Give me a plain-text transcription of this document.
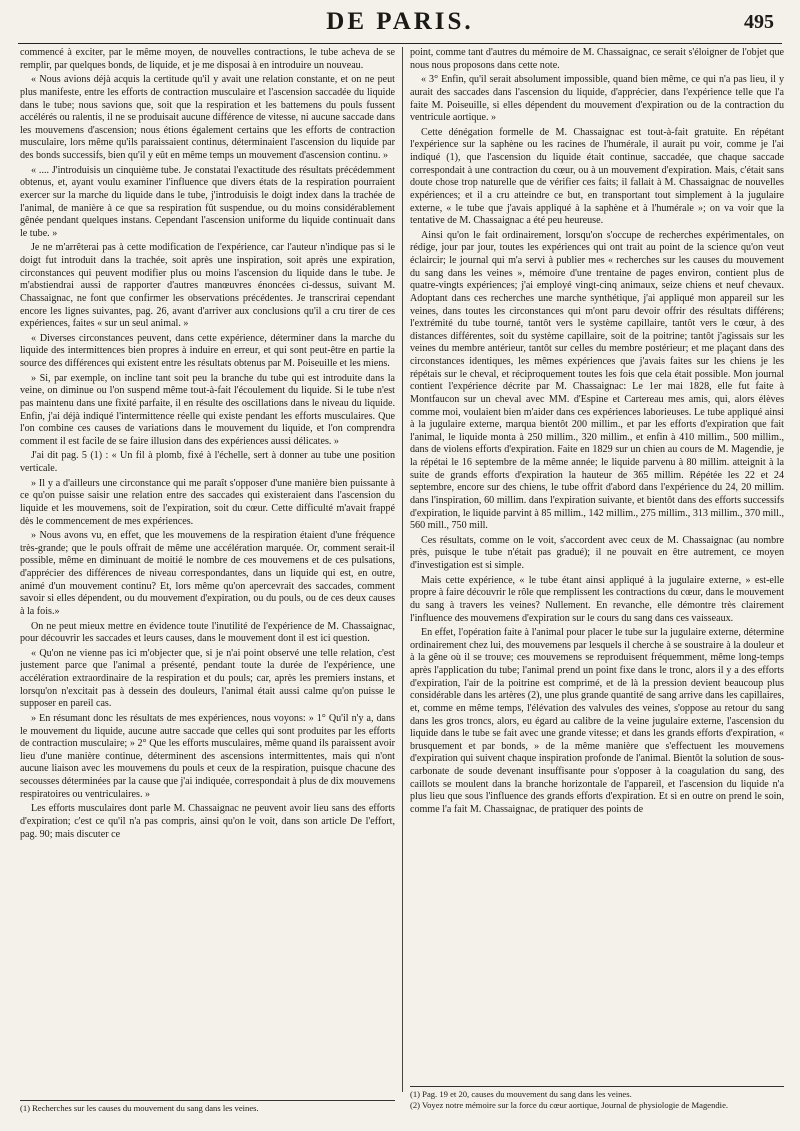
DE PARIS.	495

commencé à exciter, par le même moyen, de nouvelles contractions, le tube acheva de se remplir, par quelques bonds, de liquide, et je me disposai à en introduire un nouveau.

« Nous avions déjà acquis la certitude qu'il y avait une relation constante, et on ne peut plus manifeste, entre les efforts de contraction musculaire et l'ascension saccadée du liquide dans le tube; nous savions que, soit que la respiration et les battemens du pouls fussent accélérés ou ralentis, il ne se produisait aucune différence de vitesse, ni aucune saccade dans les mouvemens d'ascension; nous étions également certains que les efforts de contraction musculaire, lors même qu'ils paraissaient continus, déterminaient l'ascension du liquide par des bonds successifs, bien qu'il y eût en même temps un mouvement d'ascension continu. »

« .... J'introduisis un cinquième tube. Je constatai l'exactitude des résultats précédemment obtenus, et, ayant voulu examiner l'influence que divers états de la respiration pourraient exercer sur la marche du liquide dans le tube, j'introduisis le doigt index dans la trachée de l'animal, de manière à ce que sa respiration fût suspendue, ou du moins considérablement gênée pendant quelques instans. Cependant l'ascension uniforme du liquide continuait dans le tube. »

Je ne m'arrêterai pas à cette modification de l'expérience, car l'auteur n'indique pas si le doigt fut introduit dans la trachée, soit après une inspiration, soit après une expiration, circonstances qui peuvent modifier plus ou moins l'ascension du liquide dans le tube. Je m'abstiendrai aussi de rapporter d'autres manœuvres énoncées ci-dessus, suivant M. Chassaignac, ne font que confirmer les observations précédentes. Je transcrirai cependant encore les lignes suivantes, pag. 26, avant d'arriver aux conclusions qu'il a cru tirer de ces expériences, faites « sur un seul animal. »

« Diverses circonstances peuvent, dans cette expérience, déterminer dans la marche du liquide des intermittences bien propres à induire en erreur, et qui sont peut-être en partie la source des différences qui existent entre les résultats obtenus par M. Poiseuille et les miens.

» Si, par exemple, on incline tant soit peu la branche du tube qui est introduite dans la veine, on diminue ou l'on suspend même tout-à-fait l'écoulement du liquide. Si le tube n'est pas maintenu dans une fixité parfaite, il en résulte des oscillations dans le niveau du liquide. Enfin, j'ai déjà indiqué l'intermittence réelle qui existe pendant les efforts musculaires. Que l'on combine ces causes de variations dans le mouvement du liquide, et l'on comprendra comment il est facile de se faire illusion dans des expériences aussi délicates. »

J'ai dit pag. 5 (1) : « Un fil à plomb, fixé à l'échelle, sert à donner au tube une position verticale.

» Il y a d'ailleurs une circonstance qui me paraît s'opposer d'une manière bien puissante à ce qu'on puisse saisir une relation entre des saccades qui existeraient dans l'ascension du liquide et les mouvemens, soit de l'expiration, soit du cœur. Cette difficulté m'avait frappé dès le commencement de mes expériences.

» Nous avons vu, en effet, que les mouvemens de la respiration étaient d'une fréquence très-grande; que le pouls offrait de même une accélération marquée. Or, comment serait-il possible, même en diminuant de moitié le nombre de ces mouvemens et de ces pulsations, d'apprécier des différences de niveau correspondantes, dans un liquide qui est, en outre, animé d'un mouvement continu? Et, lors même qu'on apercevrait des saccades, comment savoir si elles dépendent, ou du mouvement d'expiration, ou du pouls, ou de ces deux causes à la fois.»

On ne peut mieux mettre en évidence toute l'inutilité de l'expérience de M. Chassaignac, pour découvrir les saccades et leurs causes, dans le mouvement dont il est ici question.

« Qu'on ne vienne pas ici m'objecter que, si je n'ai point observé une telle relation, c'est justement parce que l'animal a présenté, pendant toute la durée de l'expérience, une accélération extraordinaire de la respiration et du pouls; car, après les premiers instans, et lorsqu'on n'excitait pas à dessein des douleurs, l'animal était aussi calme qu'on puisse le supposer en pareil cas.

» En résumant donc les résultats de mes expériences, nous voyons: » 1° Qu'il n'y a, dans le mouvement du liquide, aucune autre saccade que celles qui sont produites par les efforts de contraction musculaire; » 2° Que les efforts musculaires, même quand ils paraissent avoir lieu d'une manière continue, déterminent des ascensions intermittentes, mais qui n'ont aucune liaison avec les mouvemens du pouls et ceux de la respiration, puisque chacune des secousses déterminées par la cause que j'ai indiquée, correspondait à plus de dix mouvemens respiratoires ou ventriculaires. »

Les efforts musculaires dont parle M. Chassaignac ne peuvent avoir lieu sans des efforts d'expiration; c'est ce qu'il n'a pas compris, ainsi qu'on le voit, dans son article De l'effort, pag. 90; mais discuter ce

point, comme tant d'autres du mémoire de M. Chassaignac, ce serait s'éloigner de l'objet que nous nous proposons dans cette note.

« 3° Enfin, qu'il serait absolument impossible, quand bien même, ce qui n'a pas lieu, il y aurait des saccades dans l'ascension du liquide, d'apprécier, dans l'expérience telle que l'a faite M. Poiseuille, si elles dépendent du mouvement d'expiration ou de la contraction du ventricule aortique. »

Cette dénégation formelle de M. Chassaignac est tout-à-fait gratuite. En répétant l'expérience sur la saphène ou les racines de l'humérale, il aurait pu voir, comme je l'ai indiqué (1), que l'ascension du liquide était continue, saccadée, que chaque saccade correspondait à une contraction du cœur, ou à un mouvement d'expiration. Mais, c'était sans doute chose trop naturelle que de vérifier ces faits; il fallait à M. Chassaignac de nouvelles expériences; et il a cru atteindre ce but, en transportant tout simplement à la jugulaire externe, « le tube que j'avais appliqué à la saphène et à l'humérale »; on va voir que la tentative de M. Chassaignac a été peu heureuse.

Ainsi qu'on le fait ordinairement, lorsqu'on s'occupe de recherches expérimentales, on rédige, jour par jour, toutes les expériences qui ont trait au point de la science qu'on veut éclaircir; le journal qui m'a servi à publier mes « recherches sur les causes du mouvement du sang dans les veines », mémoire d'une trentaine de pages environ, contient plus de quatre-vingts expériences; j'ai employé vingt-cinq animaux, seize chiens et neuf chevaux. Adoptant dans ces recherches une marche synthétique, j'ai appliqué mon appareil sur les veines, dans toutes les circonstances qui m'ont paru devoir offrir des résultats différens; l'extrémité du tube tourné, tantôt vers le système capillaire, tantôt vers le cœur, à des distances différentes, soit du système capillaire, soit de la poitrine; tantôt j'agissais sur les veines du membre antérieur, tantôt sur celles du membre postérieur; et me plaçant dans des circonstances identiques, les mêmes expériences que j'avais faites sur les chiens je les répétais sur le cheval, et réciproquement toutes les fois que cela était possible. Mon journal contient l'expérience décrite par M. Chassaignac: Le 1er mai 1828, elle fut faite à Montfaucon sur un cheval avec MM. d'Espine et Cartereau mes amis, qui, alors élèves comme moi, voulaient bien m'aider dans ces expériences laborieuses. Le tube appliqué ainsi à la jugulaire externe, marqua bientôt 200 millim., et par les efforts d'expiration que fait l'animal, le liquide monta à 250 millim., 320 millim., et enfin à 410 millim., 500 millim., dans de violens efforts d'expiration. Faite en 1829 sur un chien au cours de M. Magendie, je la répétai le 16 septembre de la même année; le liquide parvenu à 80 millim. atteignit à la suite de grands efforts d'expiration la hauteur de 365 millim. Répétée les 22 et 24 septembre, encore sur des chiens, le tube offrit d'abord dans l'expérience du 24, 20 millim. dans l'inspiration, 60 millim. dans l'expiration suivante, et bientôt dans des efforts successifs d'expiration, le liquide parvint à 85 millim., 142 millim., 275 millim., 313 millim., 370 mill., 560 mill., 750 mill.

Ces résultats, comme on le voit, s'accordent avec ceux de M. Chassaignac (au nombre près, puisque le tube n'était pas gradué); il ne pouvait en être autrement, ce moyen d'investigation est si simple.

Mais cette expérience, « le tube étant ainsi appliqué à la jugulaire externe, » est-elle propre à faire découvrir le rôle que remplissent les contractions du cœur, dans le mouvement du sang à travers les veines? Nullement. En revanche, elle démontre très clairement l'influence des mouvemens d'expiration sur le cours du sang dans ces vaisseaux.

En effet, l'opération faite à l'animal pour placer le tube sur la jugulaire externe, détermine ordinairement chez lui, des mouvemens par lesquels il cherche à se soustraire à la douleur et à la gêne où il se trouve; ces mouvemens se reproduisent fréquemment, même long-temps après l'application du tube; l'animal prend un point fixe dans le tronc, alors il y a des efforts d'expiration, l'air de la poitrine est comprimé, et de là la pression devient beaucoup plus considérable dans les artères (2), une plus grande quantité de sang arrive dans les capillaires, et, comme en même temps, l'élévation des valvules des veines, s'oppose au retour du sang dans les gros troncs, alors, eu égard au calibre de la veine jugulaire externe, l'ascension du liquide dans le tube se fait avec une grande vitesse; et dans les grands efforts d'expiration, « brusquement et par bonds, » de la même manière que s'effectuent les mouvemens d'expiration qui suivent chaque inspiration profonde de l'animal. Bientôt la solution de sous-carbonate de soude devenant insuffisante pour s'opposer à la coagulation du sang, des caillots se moulent dans la branche horizontale de l'appareil, et l'ascension du liquide n'a plus lieu que sous l'influence des grands efforts d'expiration. Et si en outre on prend le soin, comme l'a fait M. Chassaignac, de pratiquer des points de

(1) Recherches sur les causes du mouvement du sang dans les veines.

(1) Pag. 19 et 20, causes du mouvement du sang dans les veines.

(2) Voyez notre mémoire sur la force du cœur aortique, Journal de physiologie de Magendie.
